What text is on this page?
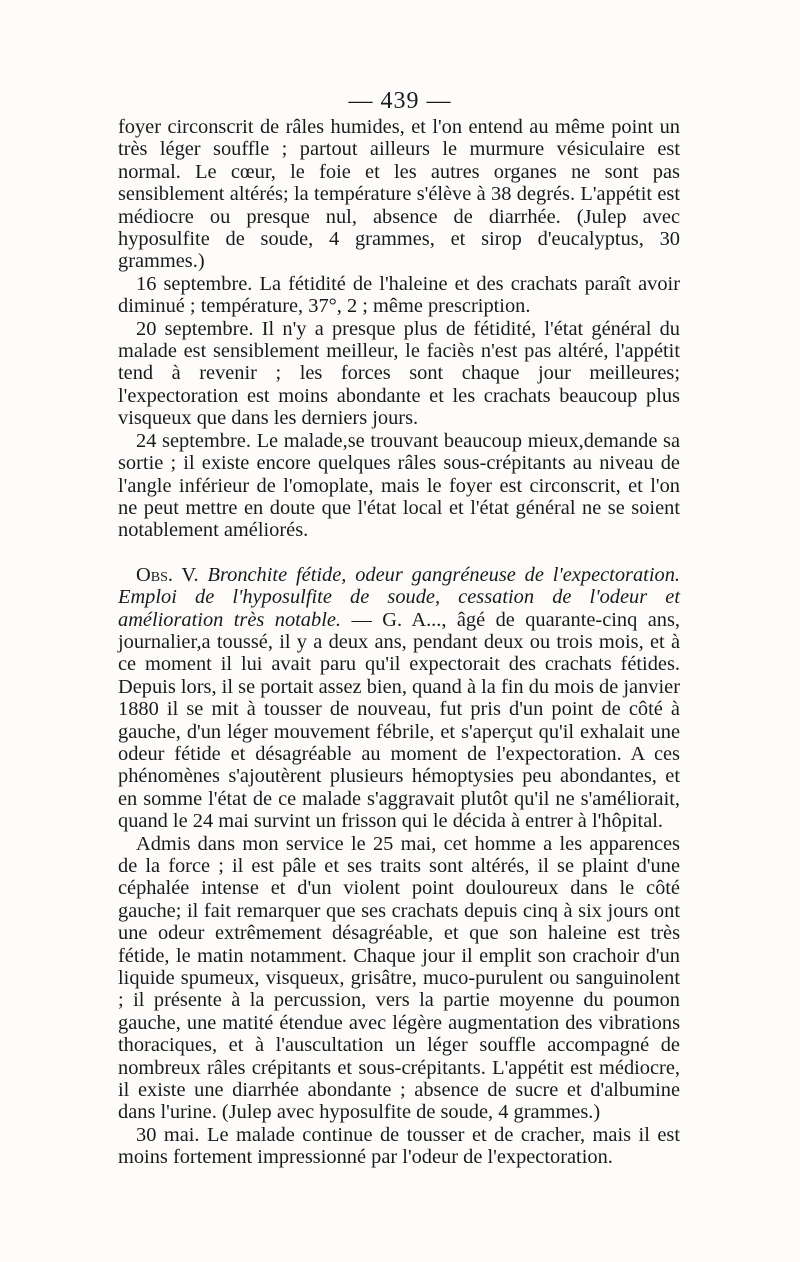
— 439 —

foyer circonscrit de râles humides, et l'on entend au même point un très léger souffle ; partout ailleurs le murmure vésiculaire est normal. Le cœur, le foie et les autres organes ne sont pas sensiblement altérés; la température s'élève à 38 degrés. L'appétit est médiocre ou presque nul, absence de diarrhée. (Julep avec hyposulfite de soude, 4 grammes, et sirop d'eucalyptus, 30 grammes.)

16 septembre. La fétidité de l'haleine et des crachats paraît avoir diminué ; température, 37°, 2 ; même prescription.

20 septembre. Il n'y a presque plus de fétidité, l'état général du malade est sensiblement meilleur, le faciès n'est pas altéré, l'appétit tend à revenir ; les forces sont chaque jour meilleures; l'expectoration est moins abondante et les crachats beaucoup plus visqueux que dans les derniers jours.

24 septembre. Le malade,se trouvant beaucoup mieux,demande sa sortie ; il existe encore quelques râles sous-crépitants au niveau de l'angle inférieur de l'omoplate, mais le foyer est circonscrit, et l'on ne peut mettre en doute que l'état local et l'état général ne se soient notablement améliorés.

Obs. V. Bronchite fétide, odeur gangréneuse de l'expectoration. Emploi de l'hyposulfite de soude, cessation de l'odeur et amélioration très notable. — G. A..., âgé de quarante-cinq ans, journalier,a toussé, il y a deux ans, pendant deux ou trois mois, et à ce moment il lui avait paru qu'il expectorait des crachats fétides. Depuis lors, il se portait assez bien, quand à la fin du mois de janvier 1880 il se mit à tousser de nouveau, fut pris d'un point de côté à gauche, d'un léger mouvement fébrile, et s'aperçut qu'il exhalait une odeur fétide et désagréable au moment de l'expectoration. A ces phénomènes s'ajoutèrent plusieurs hémoptysies peu abondantes, et en somme l'état de ce malade s'aggravait plutôt qu'il ne s'améliorait, quand le 24 mai survint un frisson qui le décida à entrer à l'hôpital.

Admis dans mon service le 25 mai, cet homme a les apparences de la force ; il est pâle et ses traits sont altérés, il se plaint d'une céphalée intense et d'un violent point douloureux dans le côté gauche; il fait remarquer que ses crachats depuis cinq à six jours ont une odeur extrêmement désagréable, et que son haleine est très fétide, le matin notamment. Chaque jour il emplit son crachoir d'un liquide spumeux, visqueux, grisâtre, muco-purulent ou sanguinolent ; il présente à la percussion, vers la partie moyenne du poumon gauche, une matité étendue avec légère augmentation des vibrations thoraciques, et à l'auscultation un léger souffle accompagné de nombreux râles crépitants et sous-crépitants. L'appétit est médiocre, il existe une diarrhée abondante ; absence de sucre et d'albumine dans l'urine. (Julep avec hyposulfite de soude, 4 grammes.)

30 mai. Le malade continue de tousser et de cracher, mais il est moins fortement impressionné par l'odeur de l'expectoration.
